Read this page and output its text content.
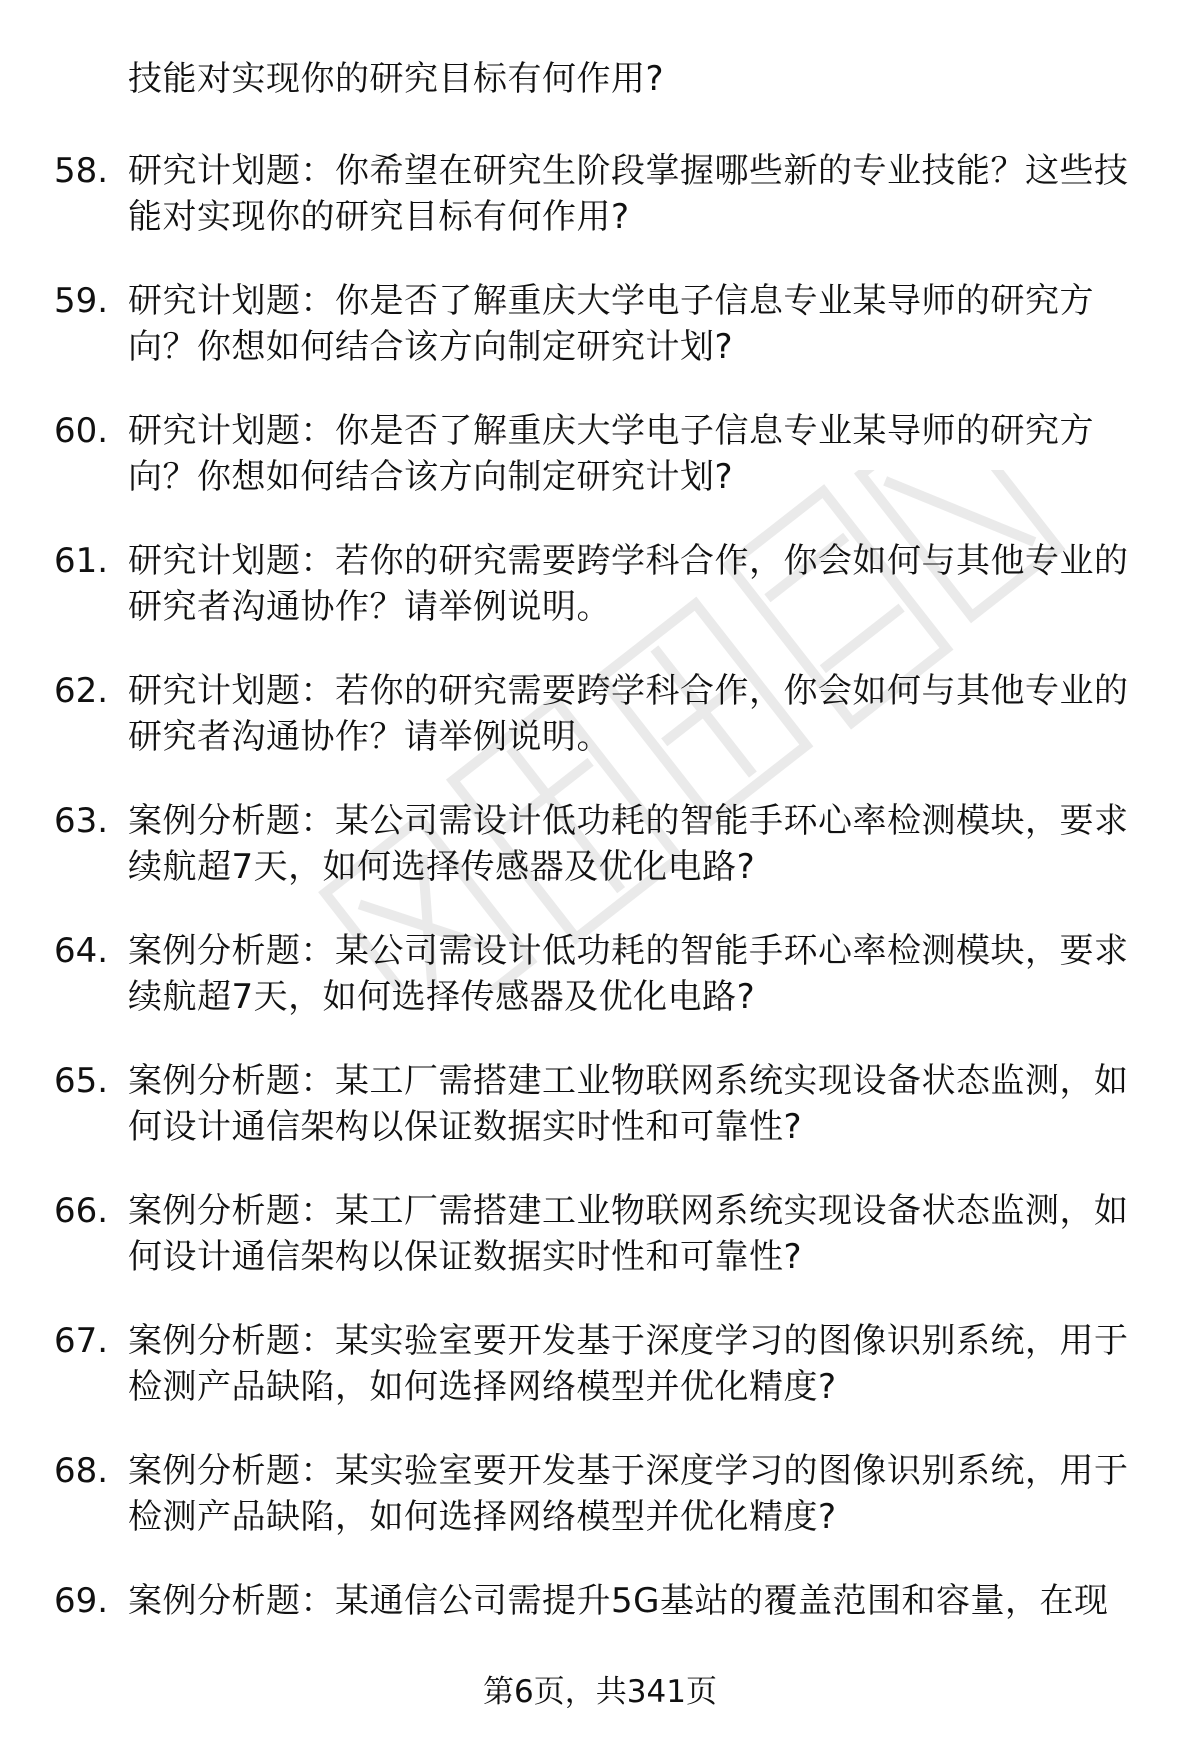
技能对实现你的研究目标有何作用?
58. 研究计划题：你希望在研究生阶段掌握哪些新的专业技能？这些技能对实现你的研究目标有何作用?
59. 研究计划题：你是否了解重庆大学电子信息专业某导师的研究方向？你想如何结合该方向制定研究计划?
60. 研究计划题：你是否了解重庆大学电子信息专业某导师的研究方向？你想如何结合该方向制定研究计划?
61. 研究计划题：若你的研究需要跨学科合作，你会如何与其他专业的研究者沟通协作？请举例说明。
62. 研究计划题：若你的研究需要跨学科合作，你会如何与其他专业的研究者沟通协作？请举例说明。
63. 案例分析题：某公司需设计低功耗的智能手环心率检测模块，要求续航超7天，如何选择传感器及优化电路?
64. 案例分析题：某公司需设计低功耗的智能手环心率检测模块，要求续航超7天，如何选择传感器及优化电路?
65. 案例分析题：某工厂需搭建工业物联网系统实现设备状态监测，如何设计通信架构以保证数据实时性和可靠性?
66. 案例分析题：某工厂需搭建工业物联网系统实现设备状态监测，如何设计通信架构以保证数据实时性和可靠性?
67. 案例分析题：某实验室要开发基于深度学习的图像识别系统，用于检测产品缺陷，如何选择网络模型并优化精度?
68. 案例分析题：某实验室要开发基于深度学习的图像识别系统，用于检测产品缺陷，如何选择网络模型并优化精度?
69. 案例分析题：某通信公司需提升5G基站的覆盖范围和容量，在现
第6页，共341页
